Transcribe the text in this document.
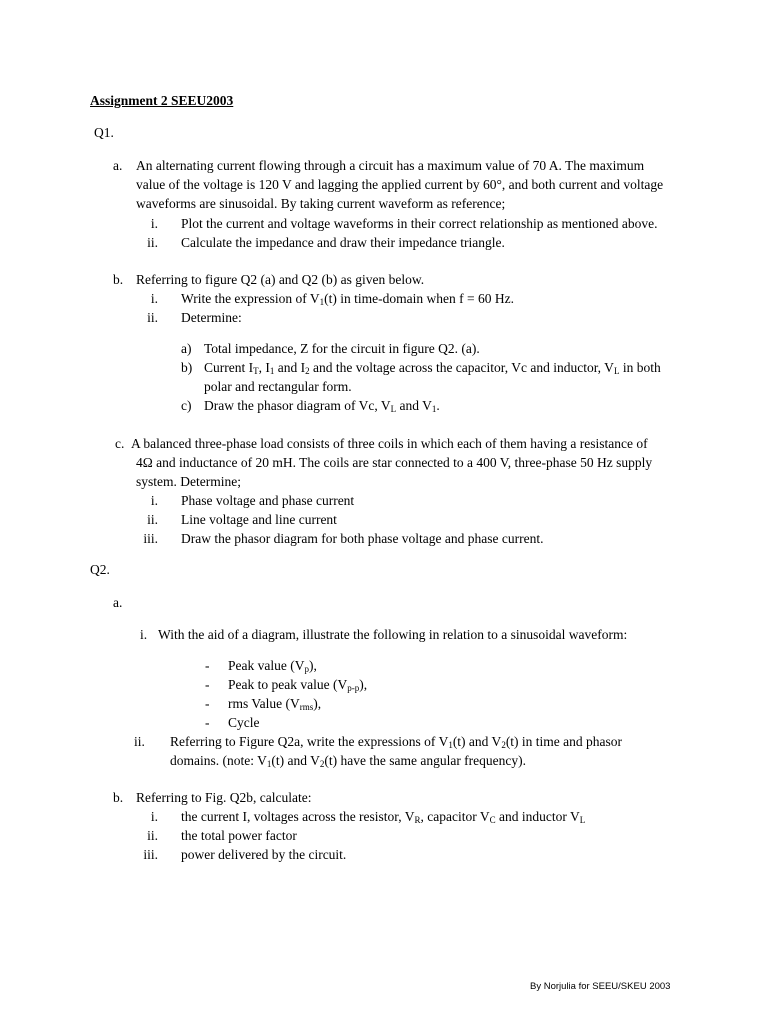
Assignment 2 SEEU2003
Q1.
a. An alternating current flowing through a circuit has a maximum value of 70 A. The maximum
value of the voltage is 120 V and lagging the applied current by 60°, and both current and voltage
waveforms are sinusoidal. By taking current waveform as reference;
i. Plot the current and voltage waveforms in their correct relationship as mentioned above.
ii. Calculate the impedance and draw their impedance triangle.
b. Referring to figure Q2 (a) and Q2 (b) as given below.
i. Write the expression of $V_1(t)$ in time-domain when f = 60 Hz.
ii. Determine:
a) Total impedance, Z for the circuit in figure Q2. (a).
b) Current $I_T$, $I_1$ and $I_2$ and the voltage across the capacitor, Vc and inductor, $V_L$ in both
polar and rectangular form.
c) Draw the phasor diagram of Vc, $V_L$ and $V_1$.
c. A balanced three-phase load consists of three coils in which each of them having a resistance of
4Ω and inductance of 20 mH. The coils are star connected to a 400 V, three-phase 50 Hz supply
system. Determine;
i. Phase voltage and phase current
ii. Line voltage and line current
iii. Draw the phasor diagram for both phase voltage and phase current.
Q2.
a.
i. With the aid of a diagram, illustrate the following in relation to a sinusoidal waveform:
- Peak value $(V_p)$,
- Peak to peak value $(V_{p-p})$,
- rms Value $(V_{rms})$,
- Cycle
ii. Referring to Figure Q2a, write the expressions of $V_1(t)$ and $V_2(t)$ in time and phasor
domains. (note: $V_1(t)$ and $V_2(t)$ have the same angular frequency).
b. Referring to Fig. Q2b, calculate:
i. the current I, voltages across the resistor, $V_R$, capacitor $V_C$ and inductor $V_L$
ii. the total power factor
iii. power delivered by the circuit.
By Norjulia for SEEU/SKEU 2003
